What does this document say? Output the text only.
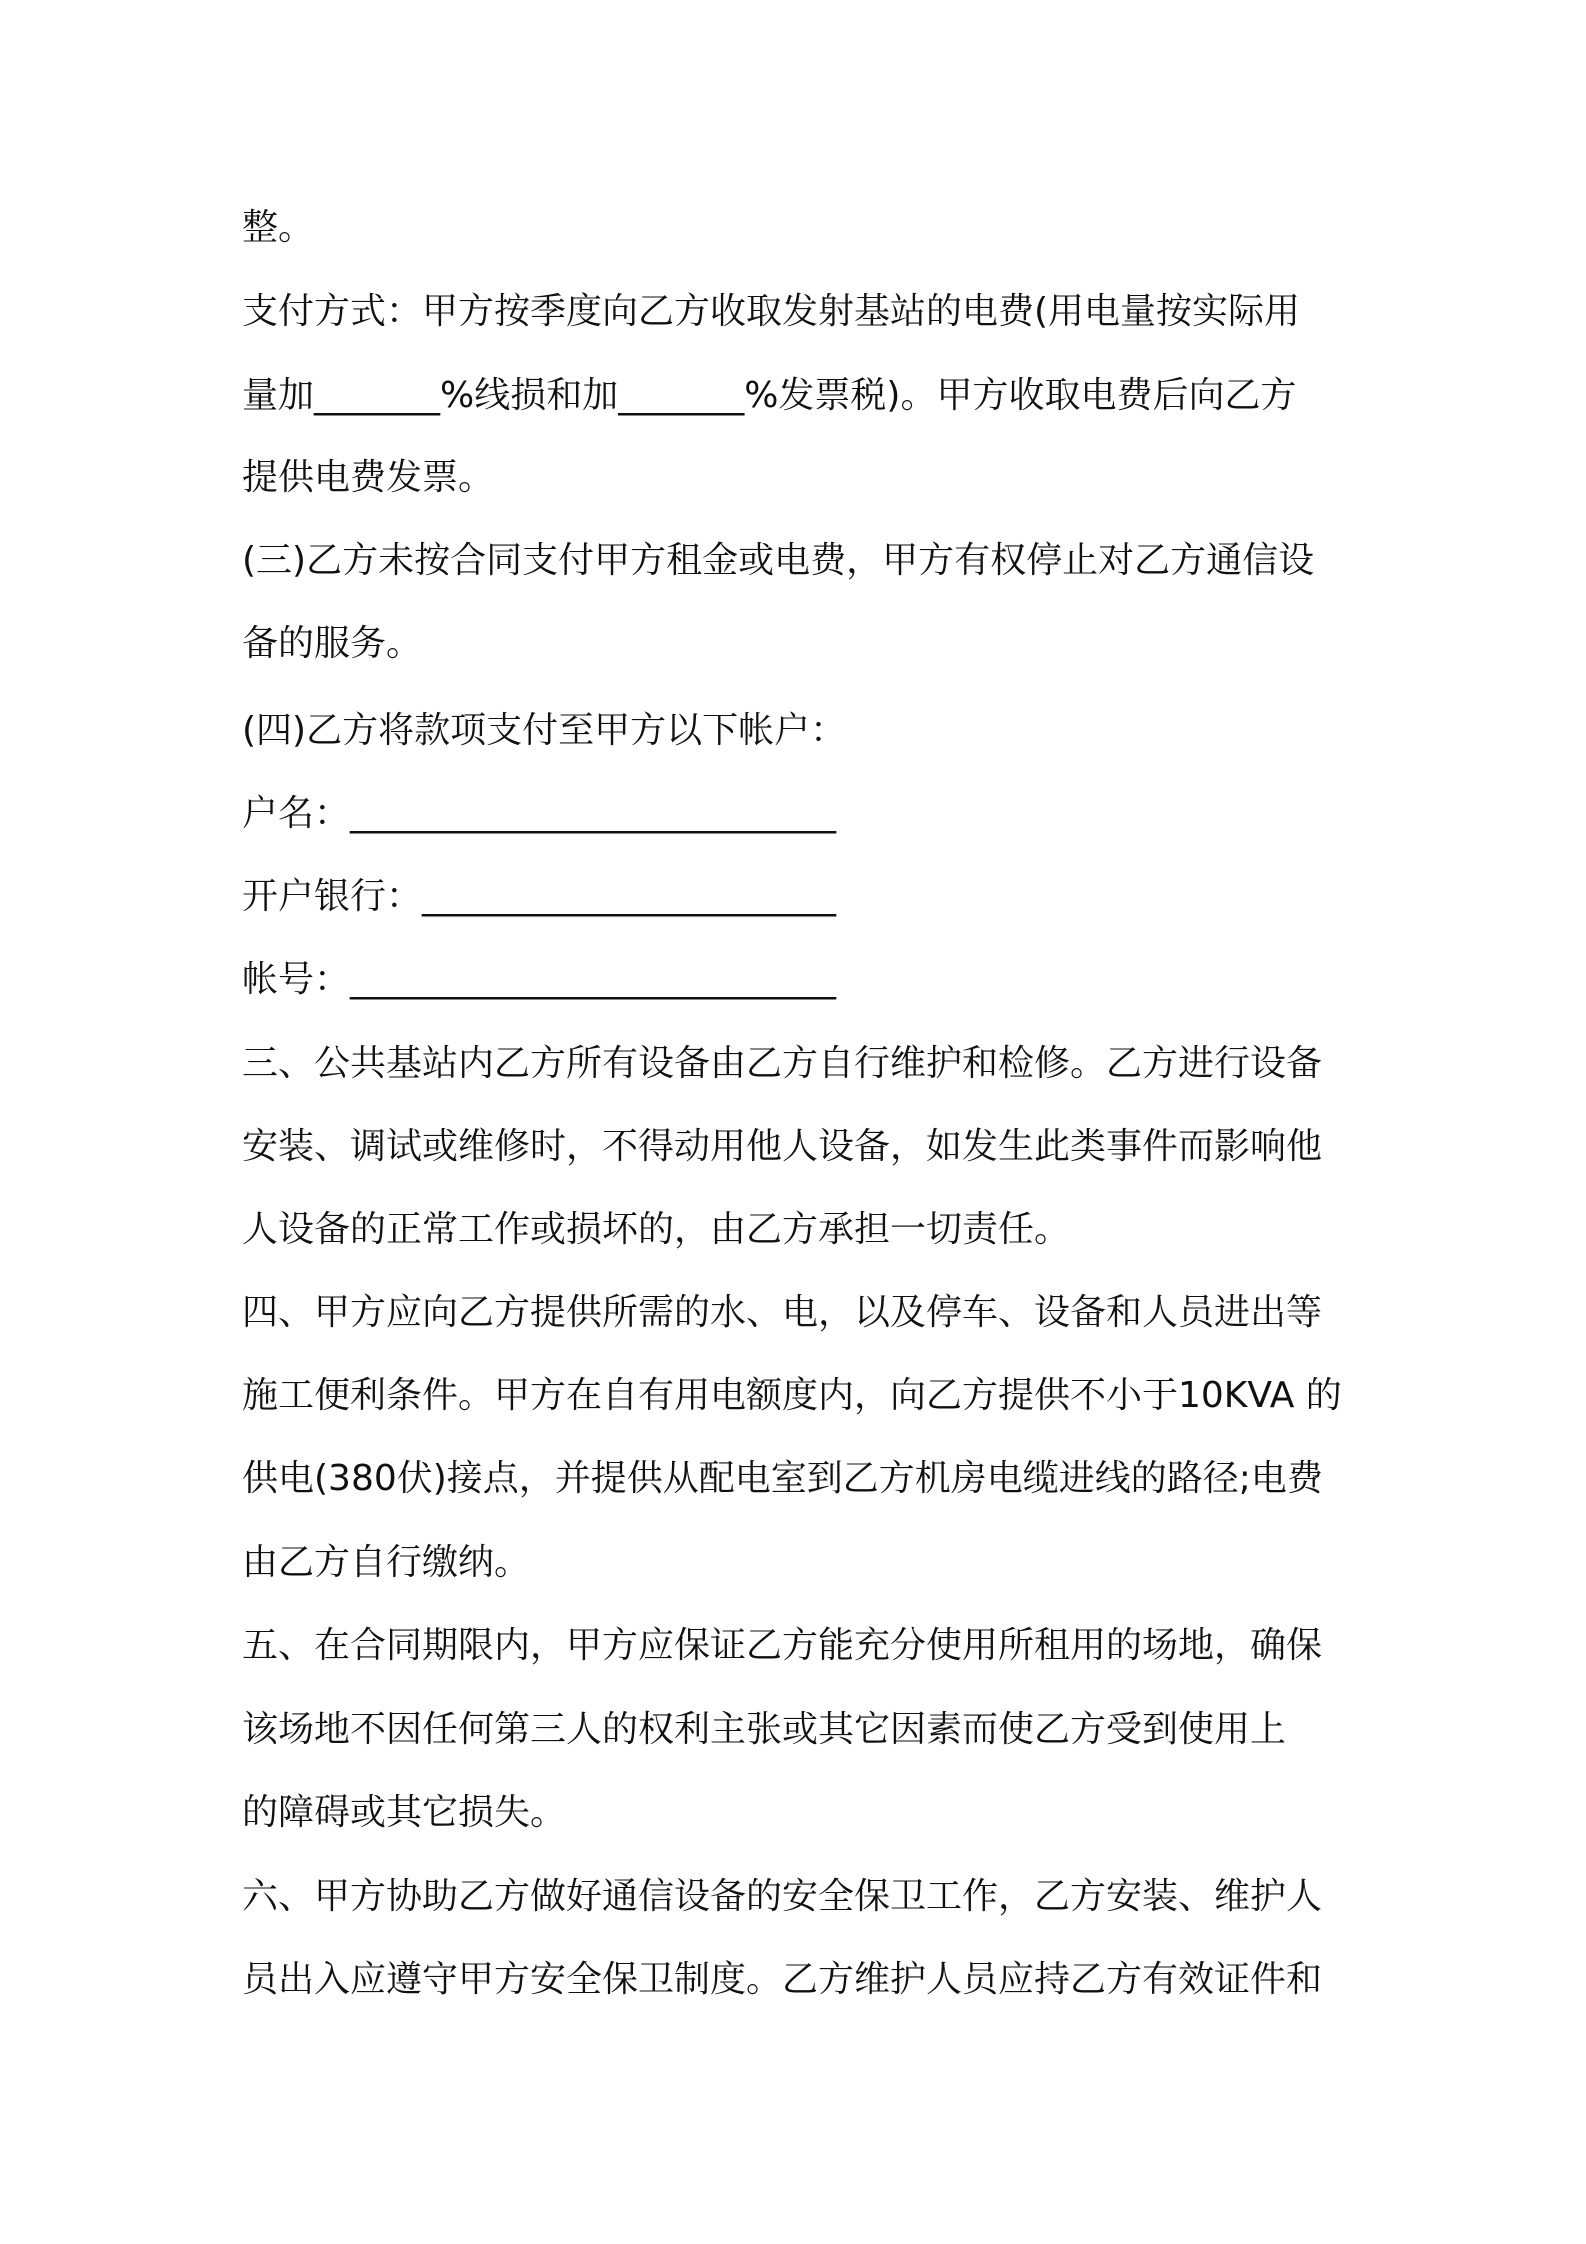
整。
支付方式：甲方按季度向乙方收取发射基站的电费(用电量按实际用
量加_______%线损和加_______%发票税)。甲方收取电费后向乙方
提供电费发票。
(三)乙方未按合同支付甲方租金或电费，甲方有权停止对乙方通信设
备的服务。
(四)乙方将款项支付至甲方以下帐户：
户名：___________________________
开户银行：_______________________
帐号：___________________________
三、公共基站内乙方所有设备由乙方自行维护和检修。乙方进行设备
安装、调试或维修时，不得动用他人设备，如发生此类事件而影响他
人设备的正常工作或损坏的，由乙方承担一切责任。
四、甲方应向乙方提供所需的水、电，以及停车、设备和人员进出等
施工便利条件。甲方在自有用电额度内，向乙方提供不小于10KVA 的
供电(380伏)接点，并提供从配电室到乙方机房电缆进线的路径;电费
由乙方自行缴纳。
五、在合同期限内，甲方应保证乙方能充分使用所租用的场地，确保
该场地不因任何第三人的权利主张或其它因素而使乙方受到使用上
的障碍或其它损失。
六、甲方协助乙方做好通信设备的安全保卫工作，乙方安装、维护人
员出入应遵守甲方安全保卫制度。乙方维护人员应持乙方有效证件和
